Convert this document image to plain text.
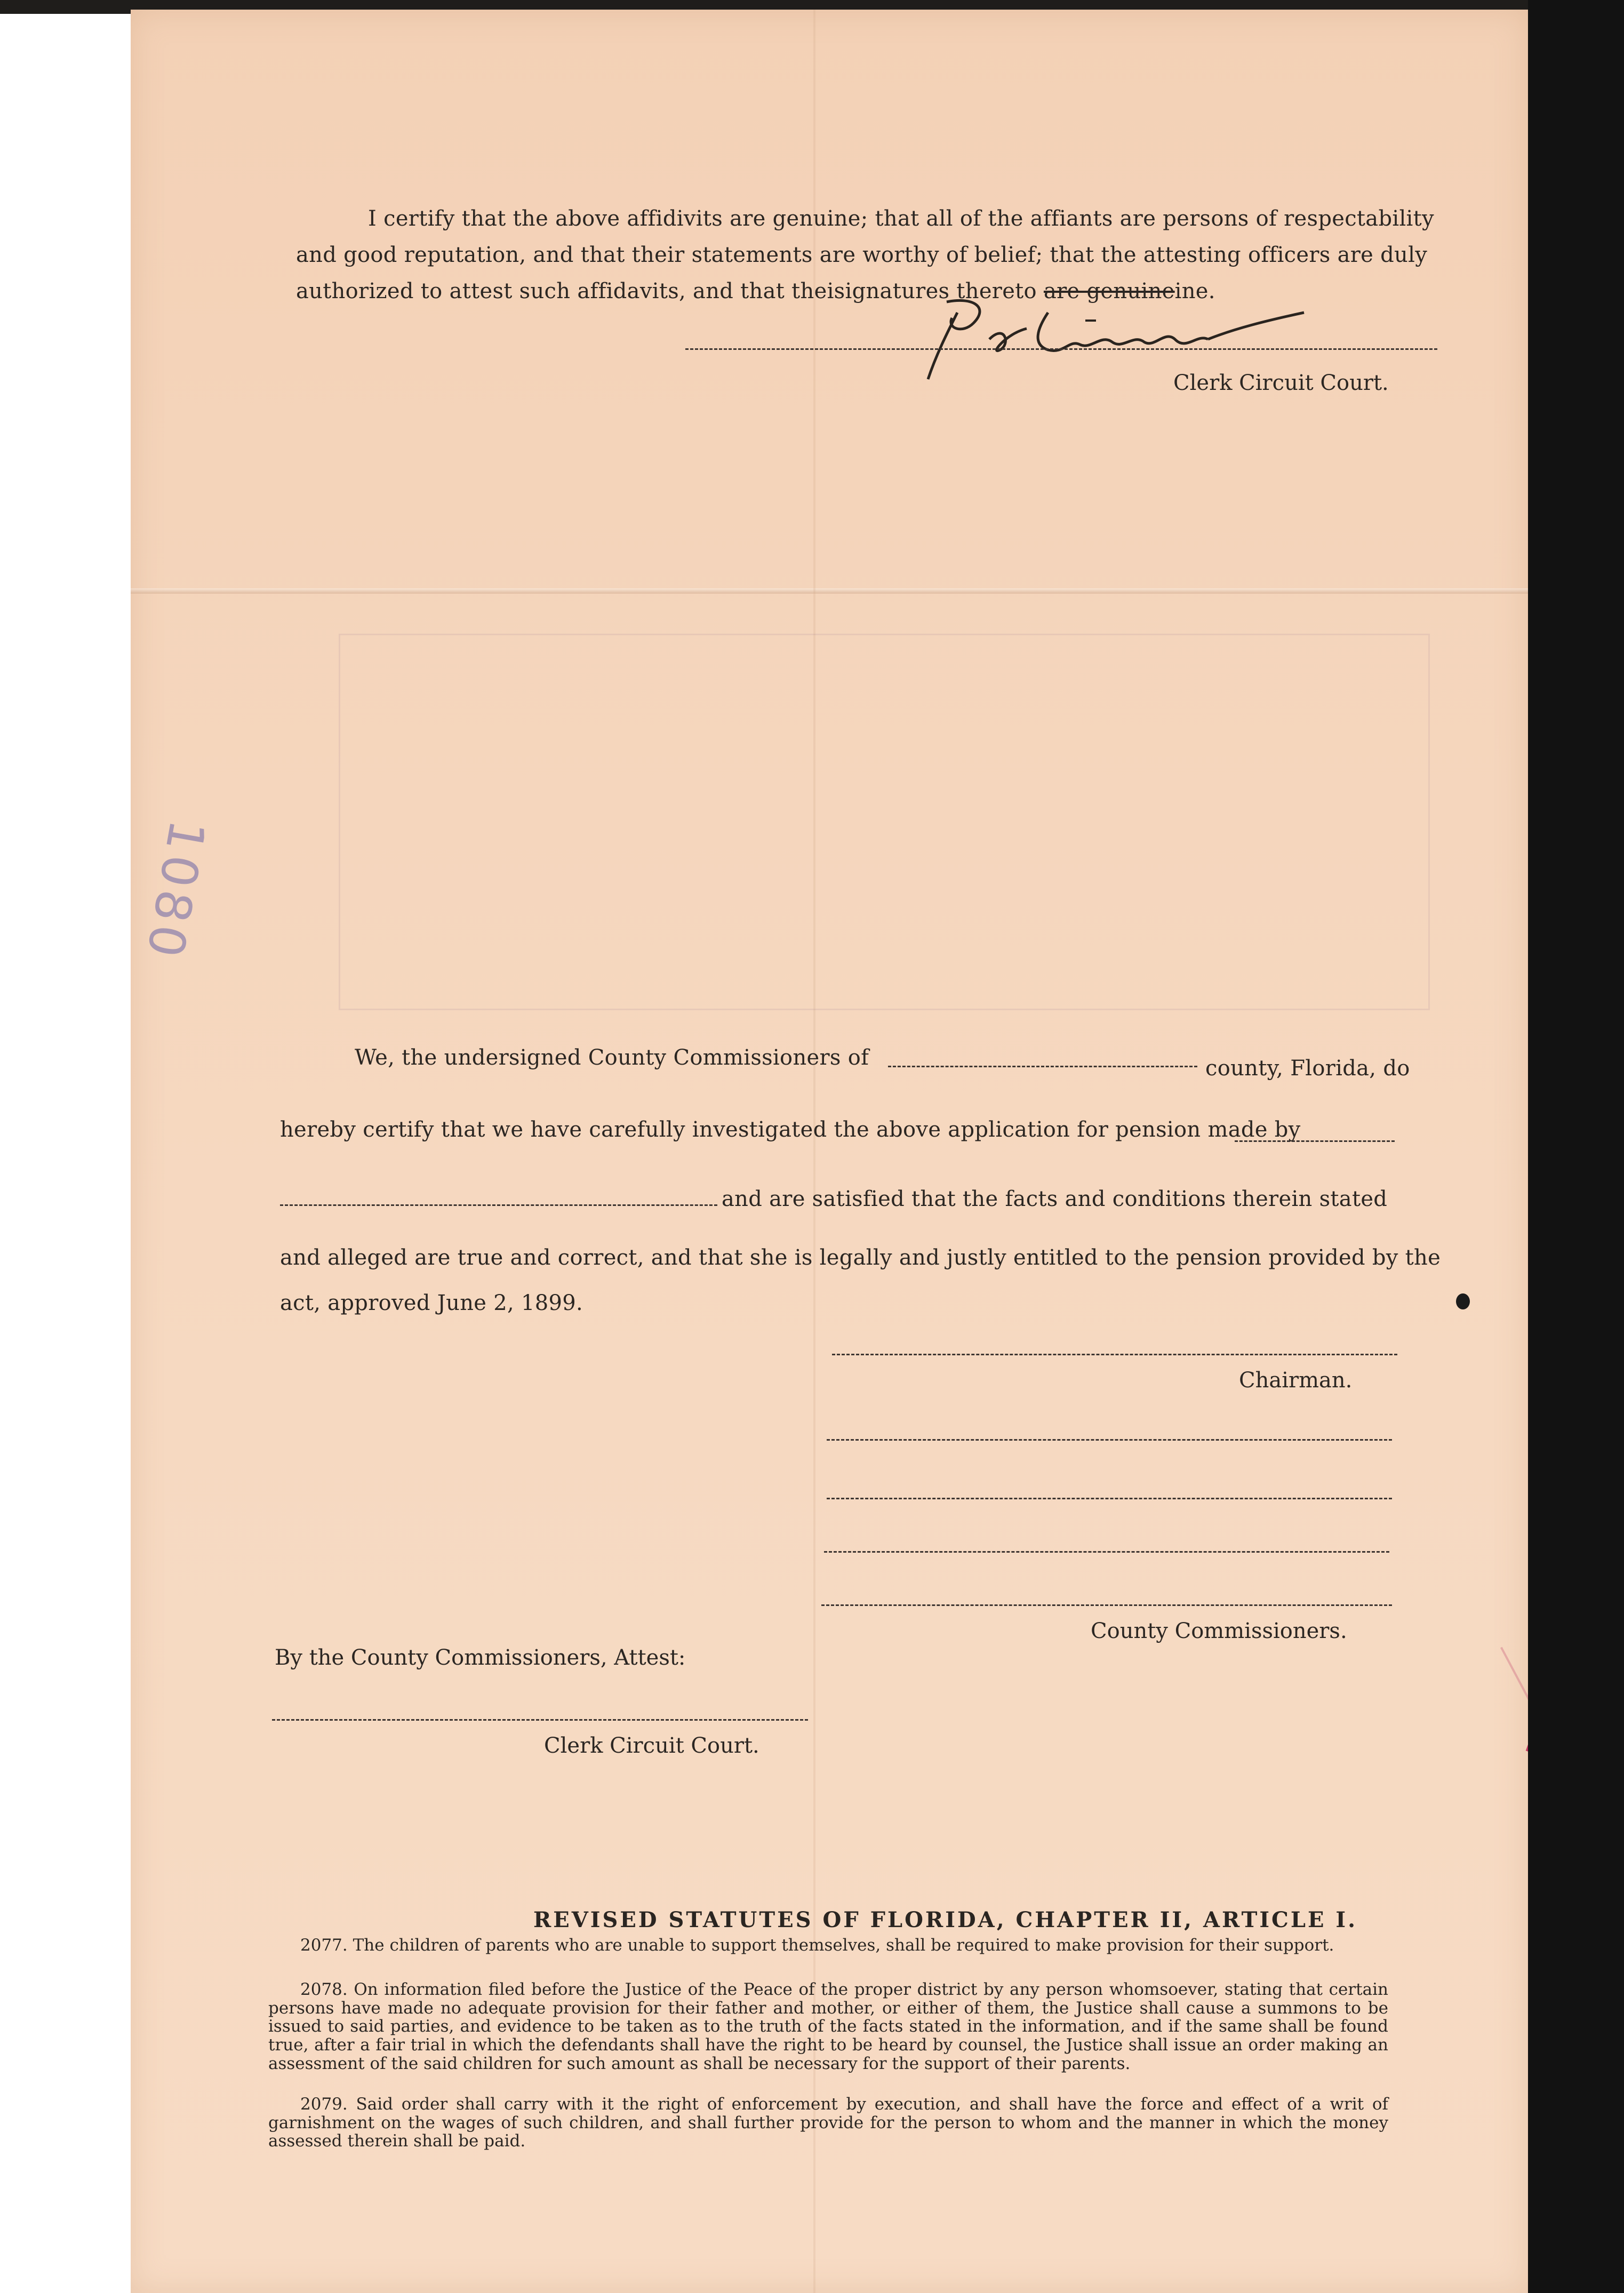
1080
I certify that the above affidivits are genuine; that all of the affiants are persons of respectability
and good reputation, and that their statements are worthy of belief; that the attesting officers are duly
authorized to attest such affidavits, and that theisignatures thereto are genuineine.
Clerk Circuit Court.
We, the undersigned County Commissioners of	county, Florida, do
hereby certify that we have carefully investigated the above application for pension made by
and are satisfied that the facts and conditions therein stated
and alleged are true and correct, and that she is legally and justly entitled to the pension provided by the
act, approved June 2, 1899.
Chairman.
County Commissioners.
By the County Commissioners, Attest:
Clerk Circuit Court.
REVISED STATUTES OF FLORIDA, CHAPTER II, ARTICLE I.
2077. The children of parents who are unable to support themselves, shall be required to make provision for their support.
2078. On information filed before the Justice of the Peace of the proper district by any person whomsoever, stating that certain persons have made no adequate provision for their father and mother, or either of them, the Justice shall cause a summons to be issued to said parties, and evidence to be taken as to the truth of the facts stated in the information, and if the same shall be found true, after a fair trial in which the defendants shall have the right to be heard by counsel, the Justice shall issue an order making an assessment of the said children for such amount as shall be necessary for the support of their parents.
2079. Said order shall carry with it the right of enforcement by execution, and shall have the force and effect of a writ of garnishment on the wages of such children, and shall further provide for the person to whom and the manner in which the money assessed therein shall be paid.
